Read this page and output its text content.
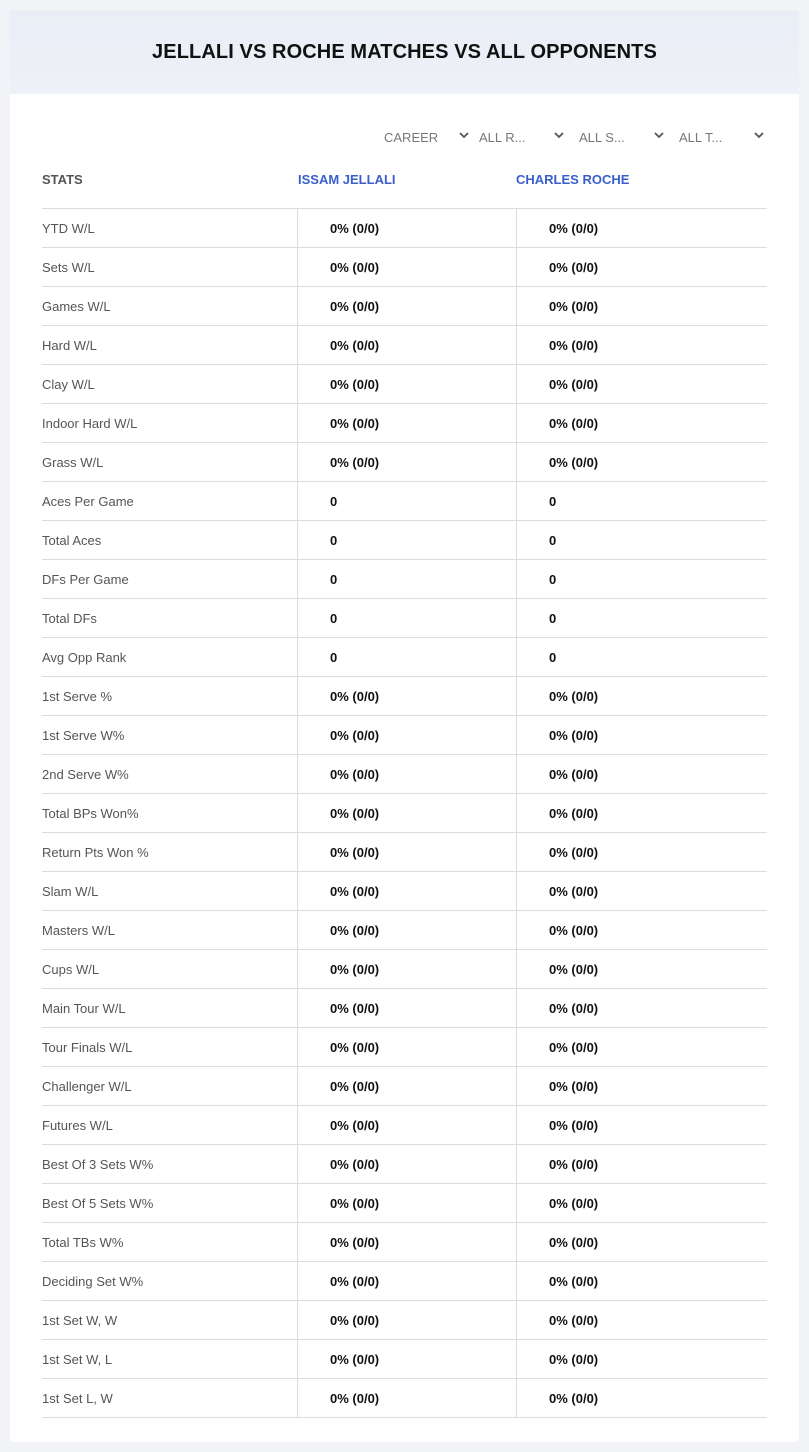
JELLALI VS ROCHE MATCHES VS ALL OPPONENTS
CAREER	ALL R...	ALL S...	ALL T...
STATS	ISSAM JELLALI	CHARLES ROCHE
YTD W/L	0% (0/0)	0% (0/0)
Sets W/L	0% (0/0)	0% (0/0)
Games W/L	0% (0/0)	0% (0/0)
Hard W/L	0% (0/0)	0% (0/0)
Clay W/L	0% (0/0)	0% (0/0)
Indoor Hard W/L	0% (0/0)	0% (0/0)
Grass W/L	0% (0/0)	0% (0/0)
Aces Per Game	0	0
Total Aces	0	0
DFs Per Game	0	0
Total DFs	0	0
Avg Opp Rank	0	0
1st Serve %	0% (0/0)	0% (0/0)
1st Serve W%	0% (0/0)	0% (0/0)
2nd Serve W%	0% (0/0)	0% (0/0)
Total BPs Won%	0% (0/0)	0% (0/0)
Return Pts Won %	0% (0/0)	0% (0/0)
Slam W/L	0% (0/0)	0% (0/0)
Masters W/L	0% (0/0)	0% (0/0)
Cups W/L	0% (0/0)	0% (0/0)
Main Tour W/L	0% (0/0)	0% (0/0)
Tour Finals W/L	0% (0/0)	0% (0/0)
Challenger W/L	0% (0/0)	0% (0/0)
Futures W/L	0% (0/0)	0% (0/0)
Best Of 3 Sets W%	0% (0/0)	0% (0/0)
Best Of 5 Sets W%	0% (0/0)	0% (0/0)
Total TBs W%	0% (0/0)	0% (0/0)
Deciding Set W%	0% (0/0)	0% (0/0)
1st Set W, W	0% (0/0)	0% (0/0)
1st Set W, L	0% (0/0)	0% (0/0)
1st Set L, W	0% (0/0)	0% (0/0)
